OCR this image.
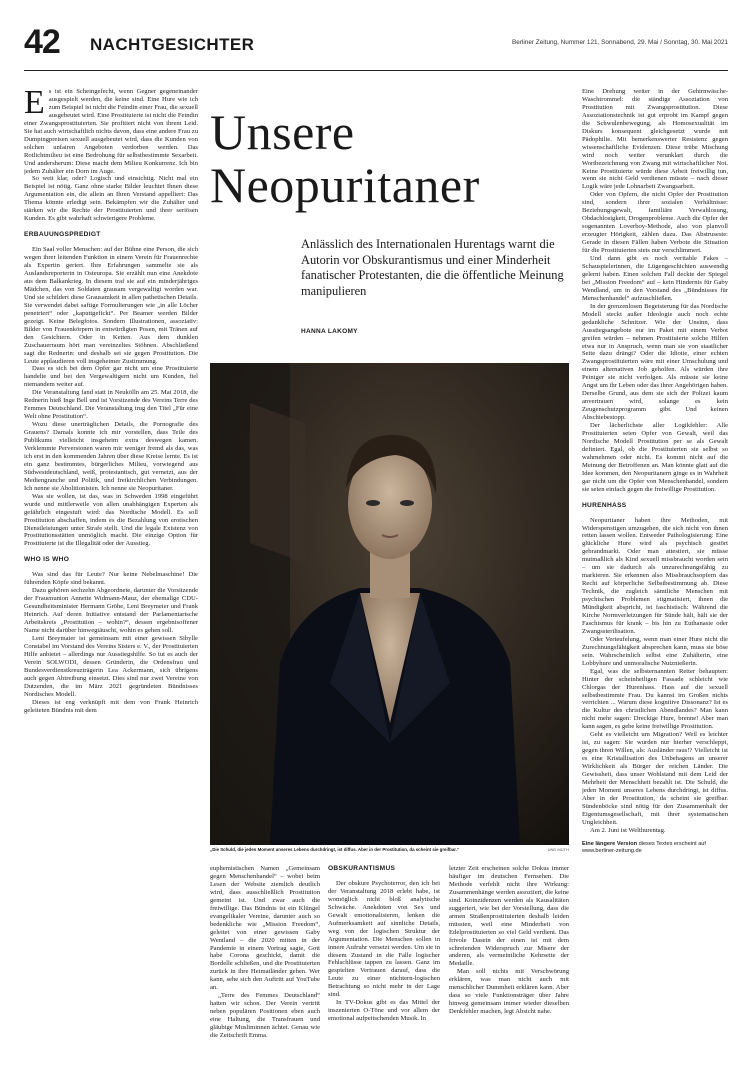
42 NACHTGESICHTER	Berliner Zeitung, Nummer 121, Sonnabend, 29. Mai / Sonntag, 30. Mai 2021

Es ist ein Scheingefecht, wenn Gegner gegeneinander ausgespielt werden, die keine sind. Eine Hure wie ich zum Beispiel ist nicht die Feindin einer Frau, die sexuell ausgebeutet wird. Eine Prostituierte ist nicht die Feindin einer Zwangsprostituierten. Sie profitiert nicht von ihrem Leid. Sie hat auch wirtschaftlich nichts davon, dass eine andere Frau zu Dumpingpreisen sexuell ausgebeutet wird, dass die Kunden von solchen unfairen Angeboten verdorben werden. Das Rotlichtmilieu ist eine Bedrohung für selbstbestimmte Sexarbeit. Und andersherum: Diese macht dem Milieu Konkurrenz. Ich bin jedem Zuhälter ein Dorn im Auge.

So weit klar, oder? Logisch und einsichtig. Nicht mal ein Beispiel ist nötig. Ganz ohne starke Bilder leuchtet Ihnen diese Argumentation ein, die allein an Ihren Verstand appelliert: Das Thema könnte erledigt sein. Bekämpfen wir die Zuhälter und stärken wir die Rechte der Prostituierten und ihrer seriösen Kunden. Es gibt wahrhaft schwierigere Probleme.

ERBAUUNGSPREDIGT

Ein Saal voller Menschen: auf der Bühne eine Person, die sich wegen ihrer leitenden Funktion in einem Verein für Frauenrechte als Expertin geriert. Ihre Erfahrungen sammelte sie als Auslandsreporterin in Osteuropa. Sie erzählt nun eine Anekdote aus dem Balkankrieg. In diesem traf sie auf ein minderjähriges Mädchen, das von Soldaten grausam vergewaltigt worden war. Und sie schildert diese Grausamkeit in allen pathetischen Details. Sie verwendet dabei saftige Formulierungen wie „in alle Löcher penetriert“ oder „kaputtgefickt“. Per Beamer werden Bilder gezeigt. Keine Belegfotos. Sondern Illustrationen, assoziativ: Bilder von Frauenkörpern in entwürdigten Posen, mit Tränen auf den Gesichtern. Oder in Ketten. Aus dem dunklen Zuschauerraum hört man vereinzeltes Stöhnen. Abschließend sagt die Rednerin: und deshalb sei sie gegen Prostitution. Die Leute applaudieren voll insgeheimer Zustimmung.

Dass es sich bei dem Opfer gar nicht um eine Prostituierte handelte und bei den Vergewaltigern nicht um Kunden, fiel niemandem weiter auf.

Die Veranstaltung fand statt in Neukölln am 25. Mai 2018, die Rednerin hieß Inge Bell und ist Vorsitzende des Vereins Terre des Femmes Deutschland. Die Veranstaltung trug den Titel „Für eine Welt ohne Prostitution“.

Wozu diese unerträglichen Details, die Pornografie des Grauens? Damals konnte ich mir vorstellen, dass Teile des Publikums vielleicht insgeheim extra deswegen kamen. Verklemmte Perversionen waren mir weniger fremd als das, was ich erst in den kommenden Jahren über diese Kreise lernte. Es ist ein ganz bestimmtes, bürgerliches Milieu, vorwiegend aus Südwestdeutschland, weiß, protestantisch, gut vernetzt, aus der Mediengranche und Politik, und freikirchlichen Verbindungen. Ich nenne sie Abolitionisten. Ich nenne sie Neopuritaner.

Was sie wollen, ist das, was in Schweden 1998 eingeführt wurde und mittlerweile von allen unabhängigen Experten als gefährlich eingestuft wird: das Nordische Modell. Es soll Prostitution abschaffen, indem es die Bezahlung von erotischen Dienstleistungen unter Strafe stellt. Und die legale Existenz von Prostitutionsstätten unmöglich macht. Die einzige Option für Prostituierte ist die Illegalität oder der Ausstieg.

WHO IS WHO

Was sind das für Leute? Nur keine Nebelmaschine! Die führenden Köpfe sind bekannt.

Dazu gehören sechzehn Abgeordnete, darunter die Vorsitzende der Frauenunion Annette Widmann-Mauz, der ehemalige CDU-Gesundheitsminister Hermann Gröhe, Leni Breymeier und Frank Heinrich. Auf deren Initiative entstand der Parlamentarische Arbeitskreis „Prostitution – wohin?“, dessen ergebnisoffener Name nicht darüber hinwegtäuscht, wohin es gehen soll.

Leni Breymaier ist gemeinsam mit einer gewissen Sibylle Constabel im Vorstand des Vereins Sisters e. V., der Prostituierten Hilfe anbietet – allerdings nur Ausstiegshilfe. So tut es auch der Verein SOLWODI, dessen Gründerin, die Ordensfrau und Bundesverdienstkreuzträgerin Lea Ackermann, sich übrigens auch gegen Abtreibung einsetzt. Dies sind nur zwei Vereine von Dutzenden, die im März 2021 gegründeten Bündnisses Nordisches Modell.

Dieses ist eng verknüpft mit dem von Frank Heinrich geleiteten Bündnis mit dem

Unsere
Neopuritaner
Anlässlich des Internationalen Hurentags warnt die Autorin vor Obskurantismus und einer Minderheit fanatischer Protestanten, die die öffentliche Meinung manipulieren
HANNA LAKOMY
„Die Schuld, die jeden Moment unseres Lebens durchdringt, ist diffus. Aber in der Prostitution, da scheint sie greifbar.“	UND MÜTH

euphemistischen Namen „Gemeinsam gegen Menschenhandel“ – wobei beim Lesen der Website ziemlich deutlich wird, dass ausschließlich Prostitution gemeint ist. Und zwar auch die freiwillige. Das Bündnis ist ein Klüngel evangelikaler Vereine, darunter auch so bedenkliche wie „Mission Freedom“, geleitet von einer gewissen Gaby Wentland – die 2020 mitten in der Pandemie in einem Vortrag sagte, Gott habe Corona geschickt, damit die Bordelle schließen, und die Prostituierten zurück in ihre Heimatländer gehen. Wer kann, sehe sich den Auftritt auf YouTube an.

„Terre des Femmes Deutschland“ hatten wir schon. Der Verein vertritt neben populären Positionen eben auch eine Haltung, die Transfrauen und gläubige Musliminnen ächtet. Genau wie die Zeitschrift Emma.

OBSKURANTISMUS

Der obskure Psychoterror, den ich bei der Veranstaltung 2018 erlebt habe, ist womöglich nicht bloß analytische Schwäche. Anekdoten von Sex und Gewalt emotionalisieren, lenken die Aufmerksamkeit auf sinnliche Details, weg von der logischen Struktur der Argumentation. Die Menschen sollen in innere Aufruhr versetzt werden. Um sie in diesem Zustand in die Falle logischer Fehlschlüsse tappen zu lassen. Ganz im gespielten Vertrauen darauf, dass die Leute zu einer nüchtern-logischen Betrachtung so nicht mehr in der Lage sind.

In TV-Dokus gibt es das Mittel der inszenierten O-Töne und vor allem der emotional aufpeitschenden Musik. In

letzter Zeit erscheinen solche Dokus immer häufiger im deutschen Fernsehen. Die Methode verfehlt nicht ihre Wirkung: Zusammenhänge werden assoziiert, die keine sind. Koinzidenzen werden als Kausalitäten suggeriert, wie bei der Vorstellung, dass die armen Straßenprostituierten deshalb leiden müssten, weil eine Minderheit von Edelprostituierten so viel Geld verdient. Das frivole Dasein der einen ist mit dem schreienden Widerspruch zur Misere der anderen, als vermeintliche Kehrseite der Medaille.

Man soll nichts mit Verschwörung erklären, was man nicht auch mit menschlicher Dummheit erklären kann. Aber dass so viele Funktionsträger über Jahre hinweg gemeinsam immer wieder dieselben Denkfehler machen, legt Absicht nahe.

Eine Drehung weiter in der Gehirnwäsche-Waschtrommel: die ständige Assoziation von Prostitution mit Zwangsprostitution. Diese Assoziationstechnik ist gut erprobt im Kampf gegen die Schwulenbewegung, als Homosexualität im Diskurs konsequent gleichgesetzt wurde mit Pädophilie. Mit bemerkenswerter Resistenz gegen wissenschaftliche Evidenzen. Diese trübe Mischung wird noch weiter verunklart durch die Wortbezeichnung von Zwang mit wirtschaftlicher Not. Keine Prostituierte würde diese Arbeit freiwillig tun, wenn sie nicht Geld verdienen müsste – nach dieser Logik wäre jede Lohnarbeit Zwangsarbeit.

Oder von Opfern, die nicht Opfer der Prostitution sind, sondern ihrer sozialen Verhältnisse: Beziehungsgewalt, familiäre Verwahlosung, Obdachlosigkeit, Drogenprobleme. Auch die Opfer der sogenannten Loverboy-Methode, also von planvoll erzeugter Hörigkeit, zählen dazu. Das Abstruseste: Gerade in diesen Fällen haben Verbote die Situation für die Prostituierten stets nur verschlimmert.

Und dann gibt es noch veritable Fakes – Schauspielerinnen, die Lügengeschichten auswendig gelernt haben. Einen solchen Fall deckte der Spiegel bei „Mission Freedom“ auf – kein Hindernis für Gaby Wendland, um in den Vorstand des „Bündnisses für Menschenhandel“ aufzuschließen.

In der grenzenlosen Begeisterung für das Nordische Modell steckt außer Ideologie auch noch echte gedankliche Schnitzer. Wie der Unsinn, dass Ausstiegsangebote nur im Paket mit einem Verbot greifen würden – nehmen Prostituierte solche Hilfen etwa nur in Anspruch, wenn man sie von staatlicher Seite dazu drängt? Oder die Idiotie, einer echten Zwangsprostituierten wäre mit einer Umschulung und einem alternativen Job geholfen. Als würden ihre Peiniger sie nicht verfolgen. Als müsste sie keine Angst um ihr Leben oder das ihrer Angehörigen haben. Derselbe Grund, aus dem sie sich der Polizei kaum anvertrauen wird, solange es kein Zeugenschutzprogramm gibt. Und keinen Abschiebestopp.

Der lächerlichste aller Logikfehler: Alle Prostituierten seien Opfer von Gewalt, weil das Nordische Modell Prostitution per se als Gewalt definiert. Egal, ob die Prostituierten sie selbst so wahrnehmen oder nicht. Es kommt nicht auf die Meinung der Betroffenen an. Man könnte glatt auf die Idee kommen, den Neopuritanern ginge es in Wahrheit gar nicht um die Opfer von Menschenhandel, sondern sie seien einfach gegen die freiwillige Prostitution.

HURENHASS

Neopuritaner haben ihre Methoden, mit Widerspenstigen umzugehen, die sich nicht von ihnen retten lassen wollen. Entweder Pathologisierung: Eine glückliche Hure wird als psychisch gestört gebrandmarkt. Oder man attestiert, sie müsse mutmaßlich als Kind sexuell missbraucht worden sein – um sie dadurch als unzurechnungsfähig zu markieren. Sie erkennen also Missbrauchsopfern das Recht auf körperliche Selbstbestimmung ab. Diese Technik, die zugleich sämtliche Menschen mit psychischen Problemen stigmatisiert, ihnen die Mündigkeit abspricht, ist faschistisch: Während die Kirche Normverletzungen für Sünde hält, hält sie der Faschismus für krank – bis hin zu Euthanasie oder Zwangssterilisation.

Oder Verteufelung, wenn man einer Hure nicht die Zurechnungsfähigkeit absprechen kann, muss sie böse sein. Wahrscheinlich selbst eine Zuhälterin, eine Lobbyhure und unmoralische Nutznießerin.

Egal, was die selbsternannten Retter behaupten: Hinter der scheinheiligen Fassade schleicht wie Chlorgas der Hurenhass. Hass auf die sexuell selbstbestimmte Frau. Du kannst im Großen nichts verrichten ... Warum diese kognitive Dissonanz? Ist es die Kultur des christlichen Abendlandes? Man kann nicht mehr sagen: Dreckige Hure, brenne! Aber man kann sagen, es gebe keine freiwillige Prostitution.

Geht es vielleicht um Migration? Weil es leichter ist, zu sagen: Sie wurden nur hierher verschleppt, gegen ihren Willen, als: Ausländer raus!? Vielleicht ist es eine Kristallisation des Unbehagens an unserer Wirklichkeit als Bürger der reichen Länder. Die Gewissheit, dass unser Wohlstand mit dem Leid der Mehrheit der Menschheit bezahlt ist. Die Schuld, die jeden Moment unseres Lebens durchdringt, ist diffus. Aber in der Prostitution, da scheint sie greifbar. Sündenböcke sind nötig für den Zusammenhalt der Eigentumsgesellschaft, mit ihrer systematischen Ungleichheit.

Am 2. Juni ist Welthurentag.

Eine längere Version dieses Textes erscheint auf
www.berliner-zeitung.de
